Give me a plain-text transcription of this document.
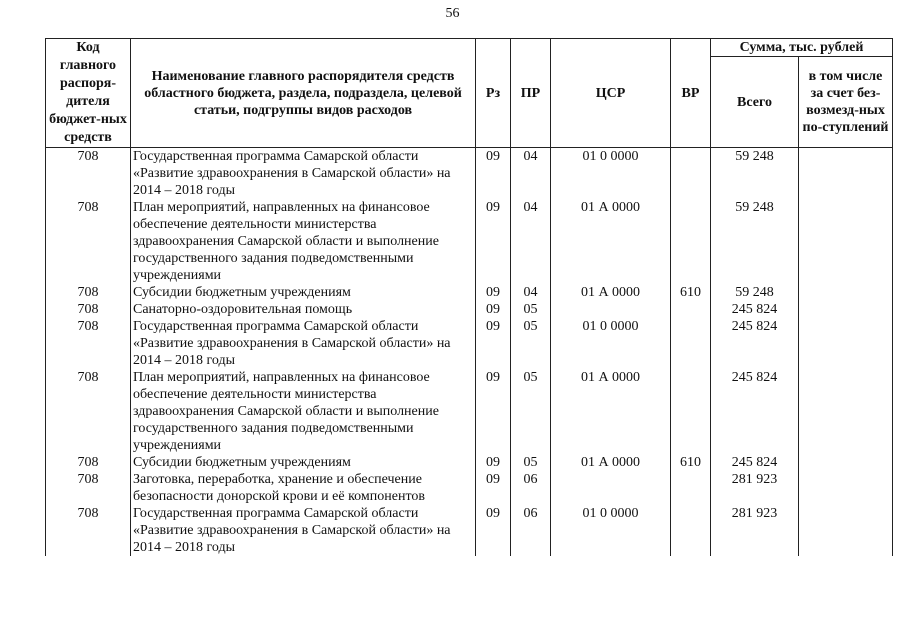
56
Код главного распоря-дителя бюджет-ных средств	Наименование главного распорядителя средств областного бюджета, раздела, подраздела, целевой статьи, подгруппы видов расходов	Рз	ПР	ЦСР	ВР	Сумма, тыс. рублей	
						Всего	в том числе за счет без-возмезд-ных по-ступлений
708	Государственная программа Самарской области «Развитие здравоохранения в Самарской области» на 2014 – 2018 годы	09	04	01 0 0000		59 248	
708	План мероприятий, направленных на финансовое обеспечение деятельности министерства здравоохранения Самарской области и выполнение государственного задания подведомственными учреждениями	09	04	01 А 0000		59 248	
708	Субсидии бюджетным учреждениям	09	04	01 А 0000	610	59 248	
708	Санаторно-оздоровительная помощь	09	05			245 824	
708	Государственная программа Самарской области «Развитие здравоохранения в Самарской области» на 2014 – 2018 годы	09	05	01 0 0000		245 824	
708	План мероприятий, направленных на финансовое обеспечение деятельности министерства здравоохранения Самарской области и выполнение государственного задания подведомственными учреждениями	09	05	01 А 0000		245 824	
708	Субсидии бюджетным учреждениям	09	05	01 А 0000	610	245 824	
708	Заготовка, переработка, хранение и обеспечение безопасности донорской крови и её компонентов	09	06			281 923	
708	Государственная программа Самарской области «Развитие здравоохранения в Самарской области» на 2014 – 2018 годы	09	06	01 0 0000		281 923	
